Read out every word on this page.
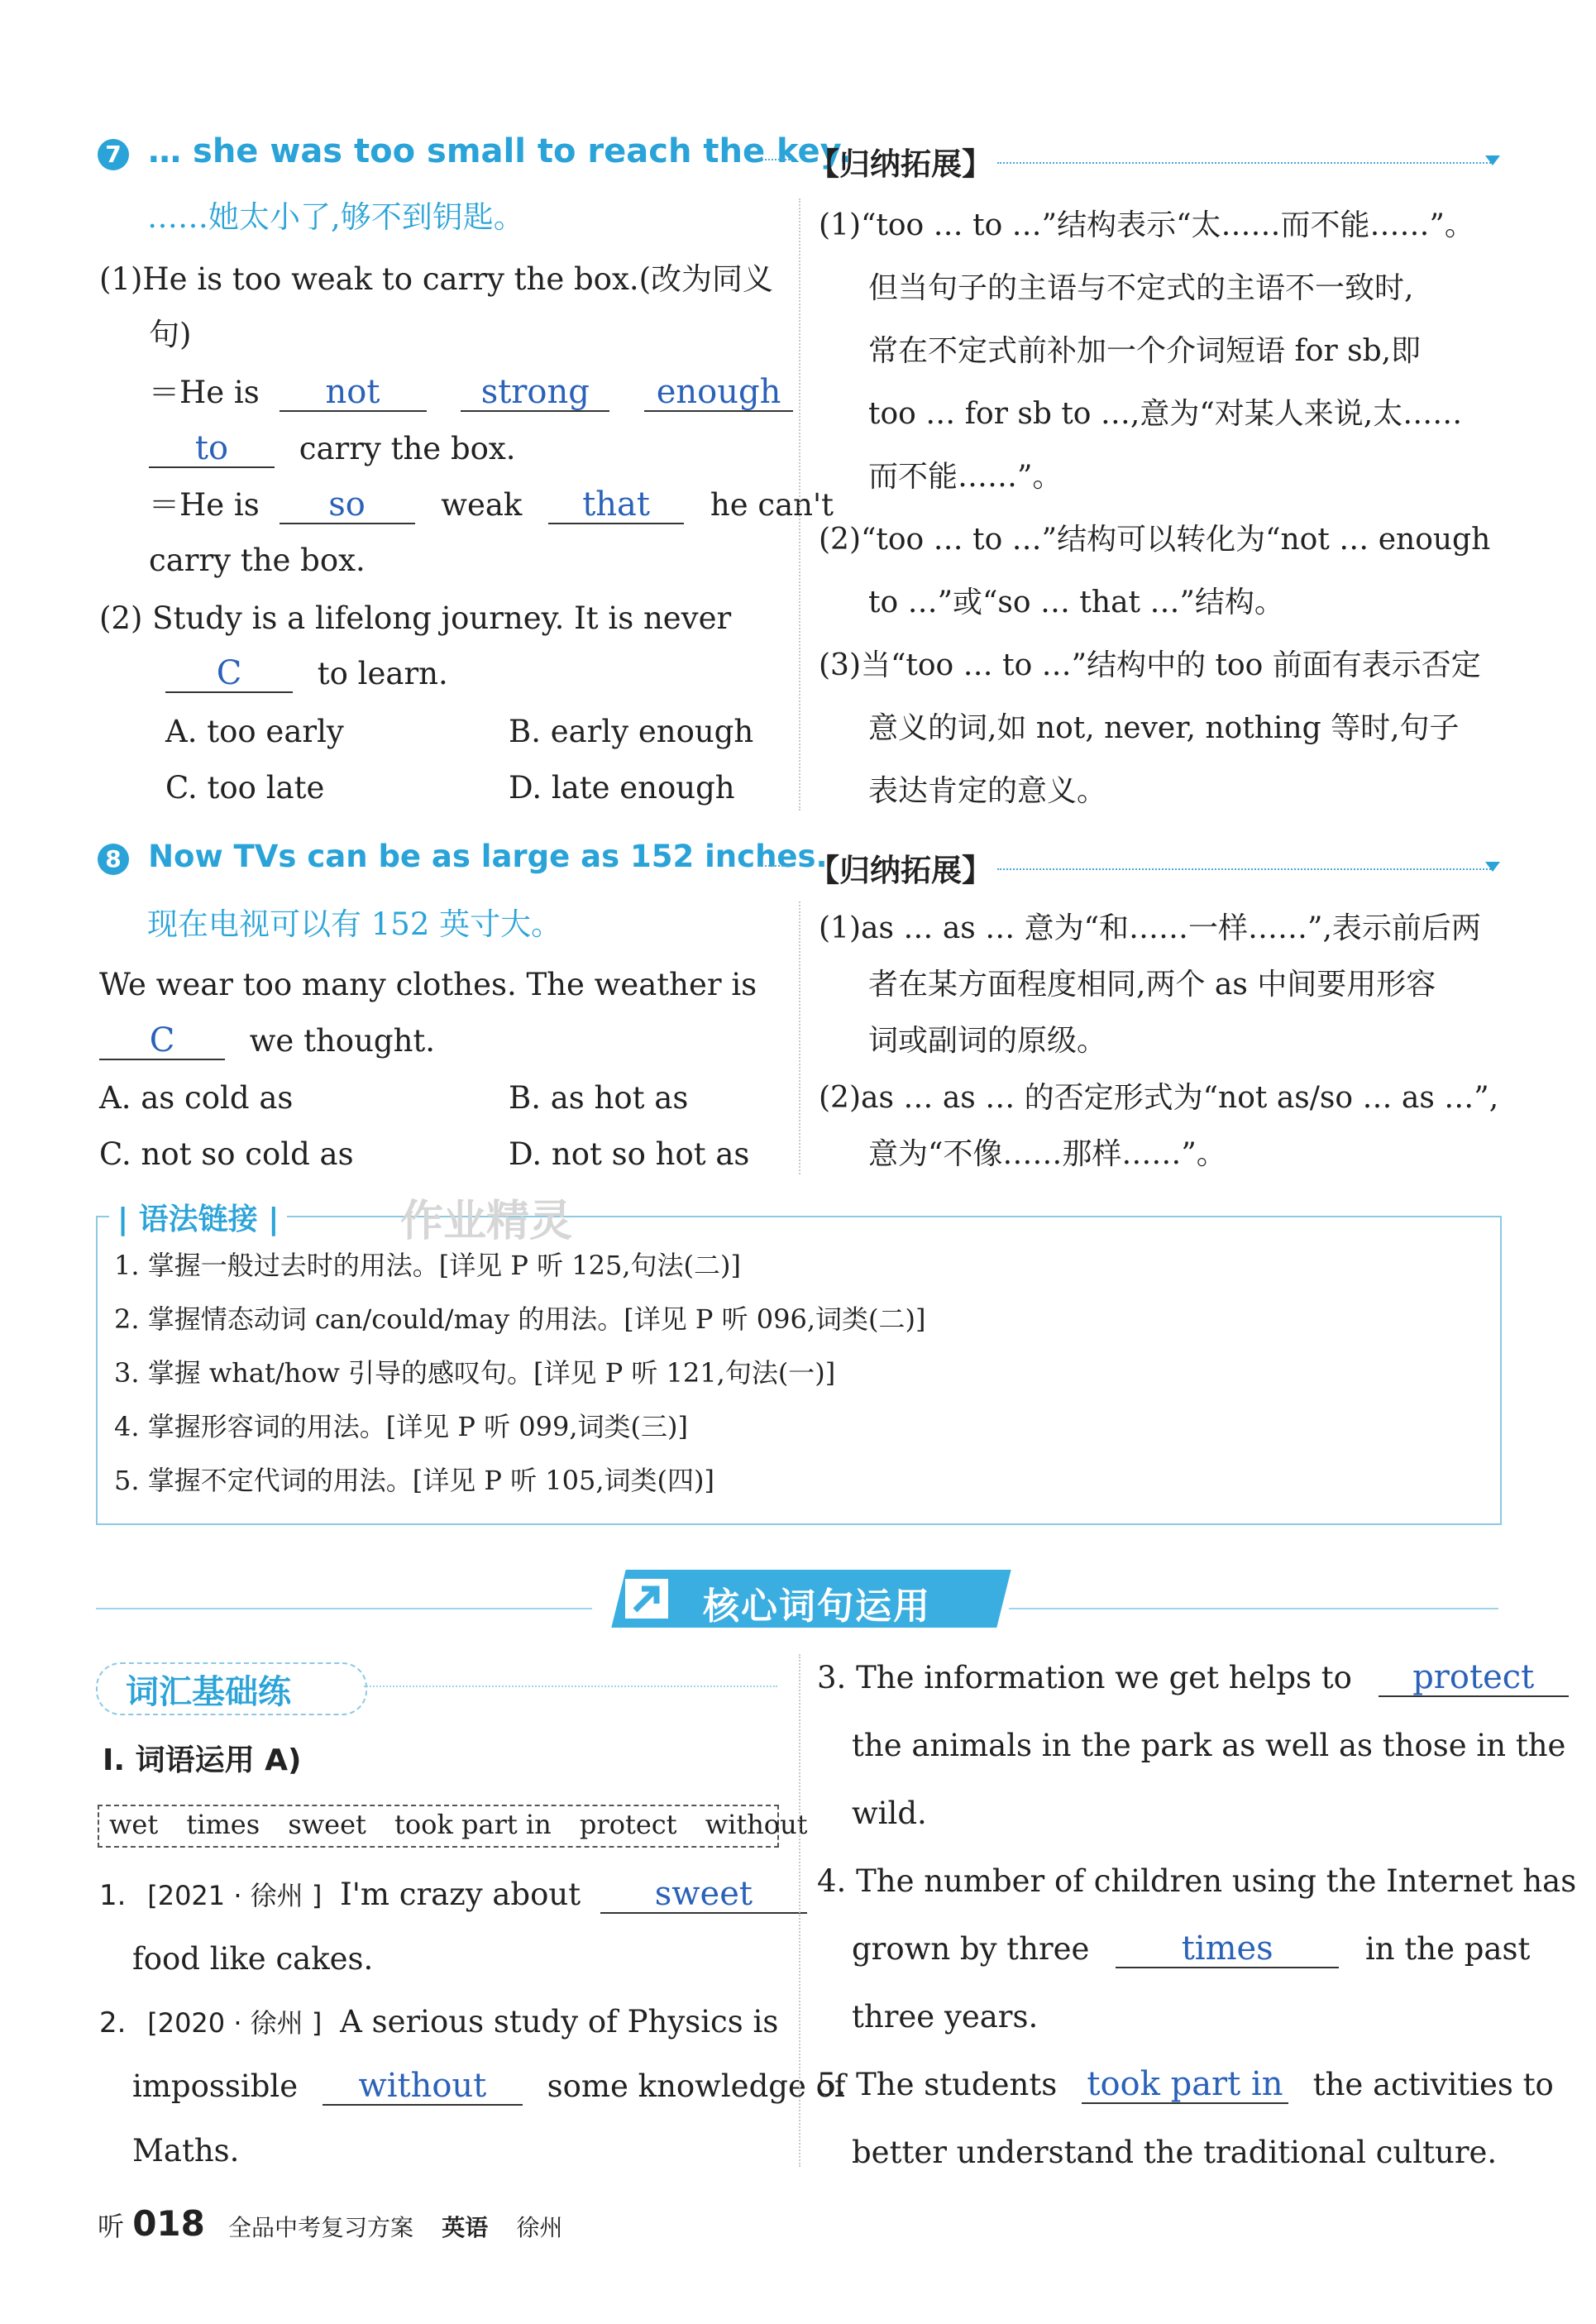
7 … she was too small to reach the key.
……她太小了,够不到钥匙。
(1)He is too weak to carry the box.(改为同义
句)
＝He is not	strong enough
to carry the box.
＝He is so weak that he can't
carry the box.
(2) Study is a lifelong journey. It is never
C to learn.
A. too early	B. early enough
C. too late	D. late enough
【归纳拓展】
(1)“too … to …”结构表示“太……而不能……”。
但当句子的主语与不定式的主语不一致时,
常在不定式前补加一个介词短语 for sb,即
too … for sb to …,意为“对某人来说,太……
而不能……”。
(2)“too … to …”结构可以转化为“not … enough
to …”或“so … that …”结构。
(3)当“too … to …”结构中的 too 前面有表示否定
意义的词,如 not, never, nothing 等时,句子
表达肯定的意义。
8 Now TVs can be as large as 152 inches.
现在电视可以有 152 英寸大。
We wear too many clothes. The weather is
C we thought.
A. as cold as	B. as hot as
C. not so cold as	D. not so hot as
【归纳拓展】
(1)as … as … 意为“和……一样……”,表示前后两
者在某方面程度相同,两个 as 中间要用形容
词或副词的原级。
(2)as … as … 的否定形式为“not as/so … as …”,
意为“不像……那样……”。
| 语法链接 |	作业精灵
1. 掌握一般过去时的用法。[详见 P 听 125,句法(二)]
2. 掌握情态动词 can/could/may 的用法。[详见 P 听 096,词类(二)]
3. 掌握 what/how 引导的感叹句。[详见 P 听 121,句法(一)]
4. 掌握形容词的用法。[详见 P 听 099,词类(三)]
5. 掌握不定代词的用法。[详见 P 听 105,词类(四)]
核心词句运用
词汇基础练
Ⅰ. 词语运用 A)
wet times sweet took part in protect without
1. [2021 · 徐州 ] I'm crazy about sweet
food like cakes.
2. [2020 · 徐州 ] A serious study of Physics is
impossible without some knowledge of
Maths.
3. The information we get helps to protect
the animals in the park as well as those in the
wild.
4. The number of children using the Internet has
grown by three	times	in the past
three years.
5. The students took part in the activities to
better understand the traditional culture.
听 018 全品中考复习方案 英语 徐州
